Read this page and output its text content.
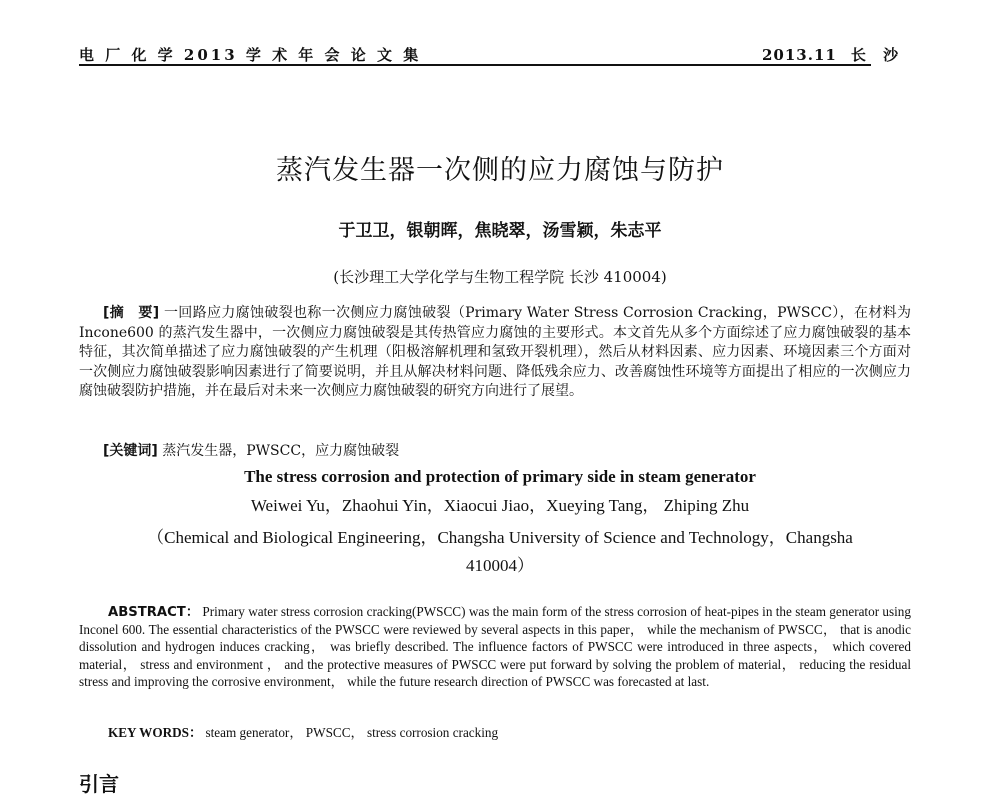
电 厂 化 学 2013 学 术 年 会 论 文 集	2013.11 长 沙
蒸汽发生器一次侧的应力腐蚀与防护
于卫卫，银朝晖，焦晓翠，汤雪颖，朱志平
(长沙理工大学化学与生物工程学院 长沙 410004)

[摘　要] 一回路应力腐蚀破裂也称一次侧应力腐蚀破裂（Primary Water Stress Corrosion Cracking，PWSCC），在材料为 Incone600 的蒸汽发生器中，一次侧应力腐蚀破裂是其传热管应力腐蚀的主要形式。本文首先从多个方面综述了应力腐蚀破裂的基本特征，其次简单描述了应力腐蚀破裂的产生机理（阳极溶解机理和氢致开裂机理），然后从材料因素、应力因素、环境因素三个方面对一次侧应力腐蚀破裂影响因素进行了简要说明，并且从解决材料问题、降低残余应力、改善腐蚀性环境等方面提出了相应的一次侧应力腐蚀破裂防护措施，并在最后对未来一次侧应力腐蚀破裂的研究方向进行了展望。

[关键词] 蒸汽发生器，PWSCC，应力腐蚀破裂
The stress corrosion and protection of primary side in steam generator
Weiwei Yu，Zhaohui Yin，Xiaocui Jiao，Xueying Tang， Zhiping Zhu
（Chemical and Biological Engineering，Changsha University of Science and Technology，Changsha
410004）

ABSTRACT： Primary water stress corrosion cracking(PWSCC) was the main form of the stress corrosion of heat-pipes in the steam generator using Inconel 600. The essential characteristics of the PWSCC were reviewed by several aspects in this paper， while the mechanism of PWSCC， that is anodic dissolution and hydrogen induces cracking， was briefly described. The influence factors of PWSCC were introduced in three aspects， which covered material， stress and environment ， and the protective measures of PWSCC were put forward by solving the problem of material， reducing the residual stress and improving the corrosive environment， while the future research direction of PWSCC was forecasted at last.

KEY WORDS： steam generator， PWSCC， stress corrosion cracking
引言
